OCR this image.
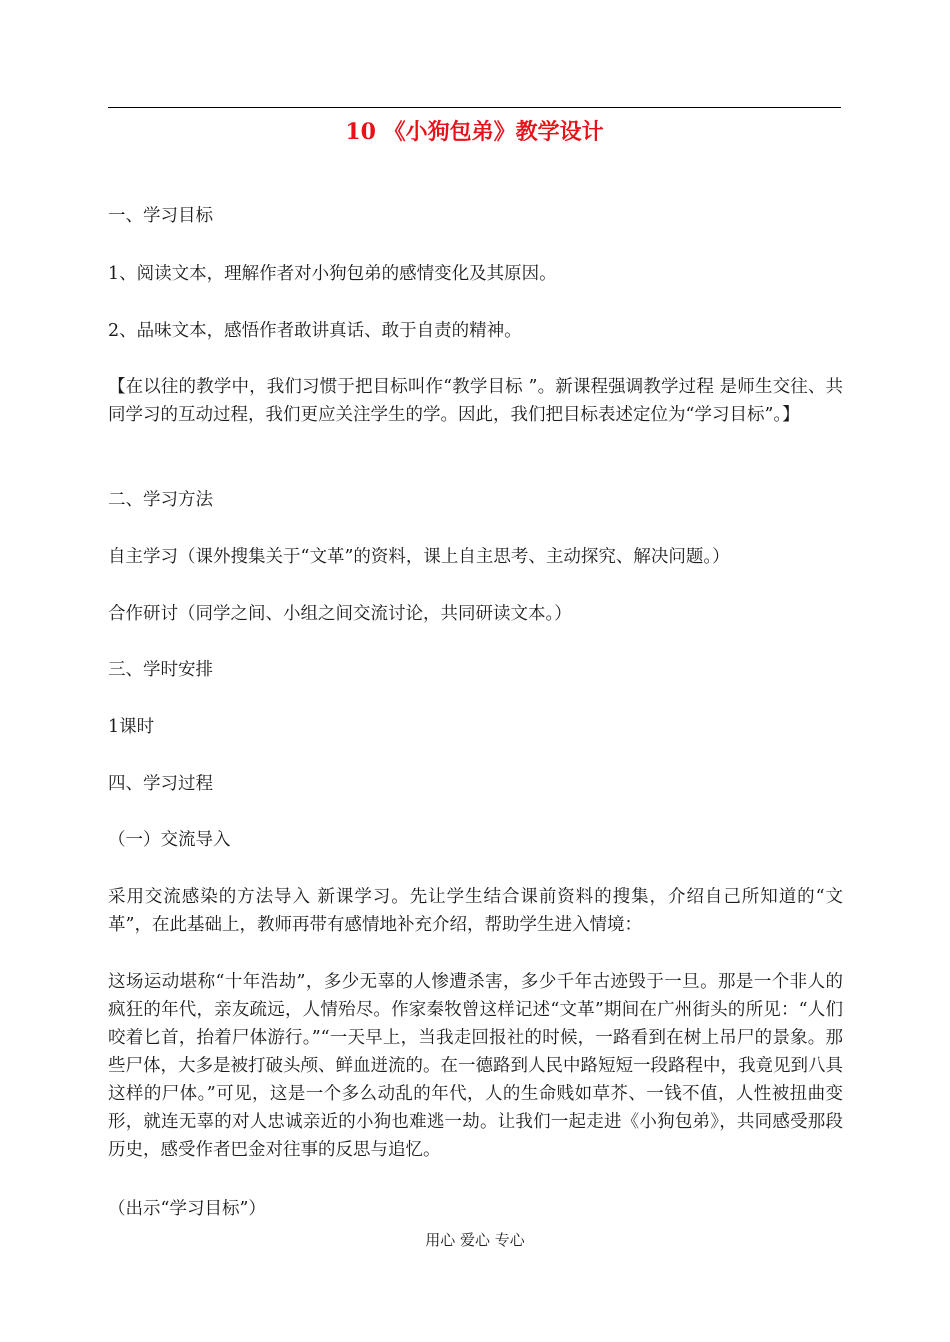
10 《小狗包弟》教学设计

一、学习目标

1、阅读文本，理解作者对小狗包弟的感情变化及其原因。

2、品味文本，感悟作者敢讲真话、敢于自责的精神。

【在以往的教学中，我们习惯于把目标叫作“教学目标 ”。新课程强调教学过程 是师生交往、共同学习的互动过程，我们更应关注学生的学。因此，我们把目标表述定位为“学习目标”。】

二、学习方法

自主学习（课外搜集关于“文革”的资料，课上自主思考、主动探究、解决问题。）

合作研讨（同学之间、小组之间交流讨论，共同研读文本。）

三、学时安排

1课时

四、学习过程

（一）交流导入

采用交流感染的方法导入 新课学习。先让学生结合课前资料的搜集，介绍自己所知道的“文革”，在此基础上，教师再带有感情地补充介绍，帮助学生进入情境：

这场运动堪称“十年浩劫”，多少无辜的人惨遭杀害，多少千年古迹毁于一旦。那是一个非人的疯狂的年代，亲友疏远，人情殆尽。作家秦牧曾这样记述“文革”期间在广州街头的所见：“人们咬着匕首，抬着尸体游行。”“一天早上，当我走回报社的时候，一路看到在树上吊尸的景象。那些尸体，大多是被打破头颅、鲜血迸流的。在一德路到人民中路短短一段路程中，我竟见到八具这样的尸体。”可见，这是一个多么动乱的年代，人的生命贱如草芥、一钱不值，人性被扭曲变形，就连无辜的对人忠诚亲近的小狗也难逃一劫。让我们一起走进《小狗包弟》，共同感受那段历史，感受作者巴金对往事的反思与追忆。

（出示“学习目标”）

用心 爱心 专心
